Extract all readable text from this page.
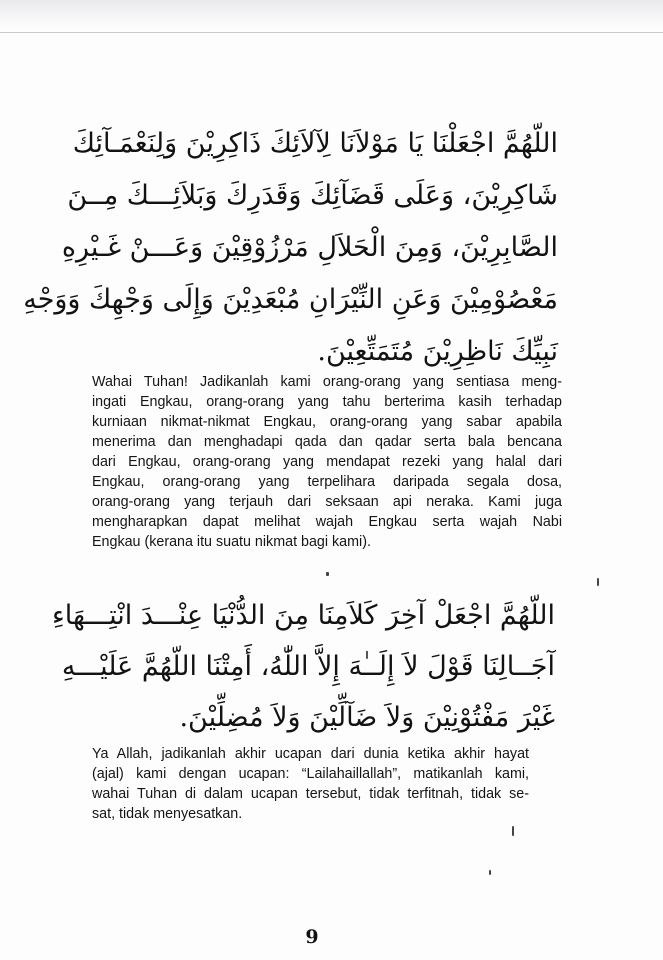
اللّهُمَّ اجْعَلْنَا يَا مَوْلاَنَا لِآلاَئِكَ ذَاكِرِيْنَ وَلِنَعْمَـآئِكَ
شَاكِرِيْنَ، وَعَلَى قَضَآئِكَ وَقَدَرِكَ وَبَلاَئِـــكَ مِــنَ
الصَّابِرِيْنَ، وَمِنَ الْحَلاَلِ مَرْزُوْقِيْنَ وَعَـــنْ غَـيْرِهِ
مَعْصُوْمِيْنَ وَعَنِ النِّيْرَانِ مُبْعَدِيْنَ وَإِلَى وَجْهِكَ وَوَجْهِ
نَبِيِّكَ نَاظِرِيْنَ مُتَمَتِّعِيْنَ.
Wahai Tuhan! Jadikanlah kami orang-orang yang sentiasa meng-
ingati Engkau, orang-orang yang tahu berterima kasih terhadap
kurniaan nikmat-nikmat Engkau, orang-orang yang sabar apabila
menerima dan menghadapi qada dan qadar serta bala bencana
dari Engkau, orang-orang yang mendapat rezeki yang halal dari
Engkau, orang-orang yang terpelihara daripada segala dosa,
orang-orang yang terjauh dari seksaan api neraka. Kami juga
mengharapkan dapat melihat wajah Engkau serta wajah Nabi
Engkau (kerana itu suatu nikmat bagi kami).
اللّهُمَّ اجْعَلْ آخِرَ كَلاَمِنَا مِنَ الدُّنْيَا عِنْـــدَ انْتِـــهَاءِ
آجَــالِنَا قَوْلَ لاَ إِلَــٰهَ إِلاَّ اللّٰهُ، أَمِتْنَا اللّهُمَّ عَلَيْـــهِ
غَيْرَ مَفْتُوْنِيْنَ وَلاَ ضَآلِّيْنَ وَلاَ مُضِلِّيْنَ.
Ya Allah, jadikanlah akhir ucapan dari dunia ketika akhir hayat
(ajal) kami dengan ucapan: “Lailahaillallah”, matikanlah kami,
wahai Tuhan di dalam ucapan tersebut, tidak terfitnah, tidak se-
sat, tidak menyesatkan.
9
